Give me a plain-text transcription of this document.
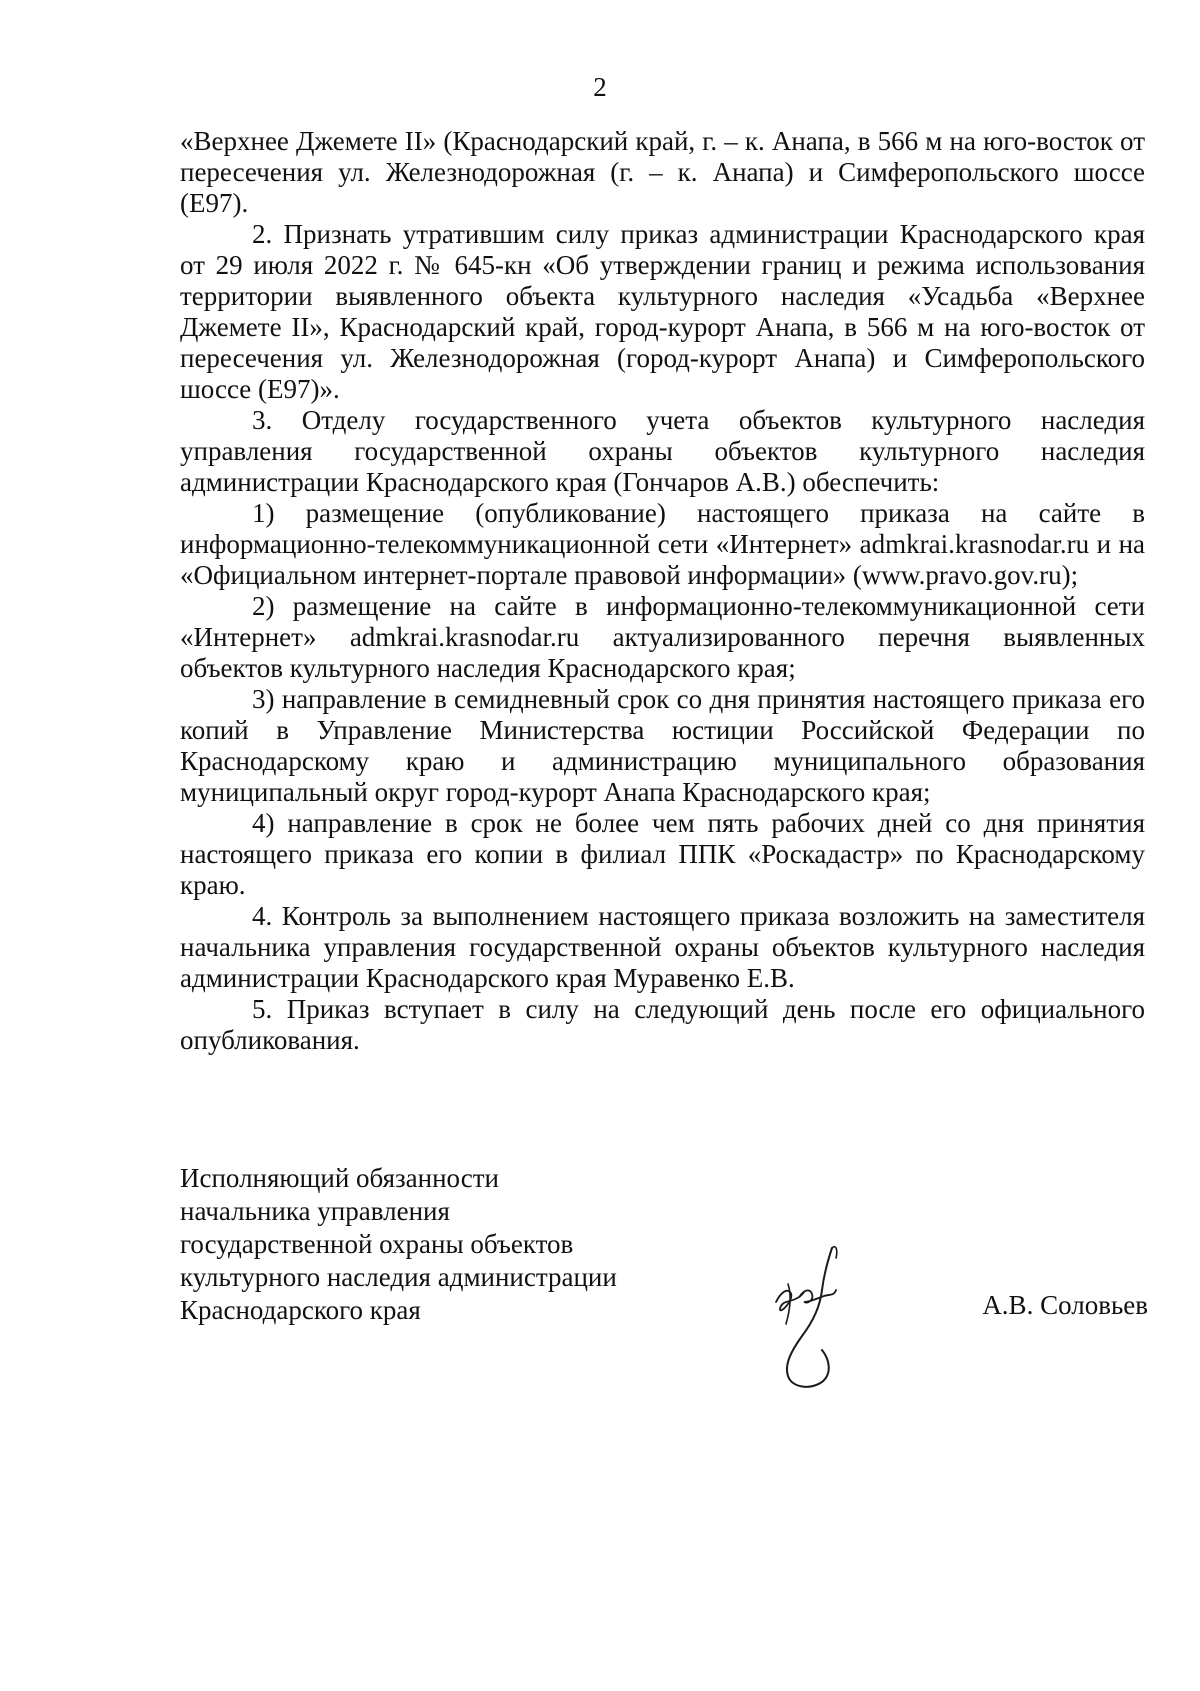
2

«Верхнее Джемете II» (Краснодарский край, г. – к. Анапа, в 566 м на юго-восток от пересечения ул. Железнодорожная (г. – к. Анапа) и Симферопольского шоссе (Е97).

2. Признать утратившим силу приказ администрации Краснодарского края от 29 июля 2022 г. № 645-кн «Об утверждении границ и режима использования территории выявленного объекта культурного наследия «Усадьба «Верхнее Джемете II», Краснодарский край, город-курорт Анапа, в 566 м на юго-восток от пересечения ул. Железнодорожная (город-курорт Анапа) и Симферопольского шоссе (Е97)».

3. Отделу государственного учета объектов культурного наследия управления государственной охраны объектов культурного наследия администрации Краснодарского края (Гончаров А.В.) обеспечить:

1) размещение (опубликование) настоящего приказа на сайте в информационно-телекоммуникационной сети «Интернет» admkrai.krasnodar.ru и на «Официальном интернет-портале правовой информации» (www.pravo.gov.ru);

2) размещение на сайте в информационно-телекоммуникационной сети «Интернет» admkrai.krasnodar.ru актуализированного перечня выявленных объектов культурного наследия Краснодарского края;

3) направление в семидневный срок со дня принятия настоящего приказа его копий в Управление Министерства юстиции Российской Федерации по Краснодарскому краю и администрацию муниципального образования муниципальный округ город-курорт Анапа Краснодарского края;

4) направление в срок не более чем пять рабочих дней со дня принятия настоящего приказа его копии в филиал ППК «Роскадастр» по Краснодарскому краю.

4. Контроль за выполнением настоящего приказа возложить на заместителя начальника управления государственной охраны объектов культурного наследия администрации Краснодарского края Муравенко Е.В.

5. Приказ вступает в силу на следующий день после его официального опубликования.

Исполняющий обязанности
начальника управления
государственной охраны объектов
культурного наследия администрации
Краснодарского края	А.В. Соловьев
